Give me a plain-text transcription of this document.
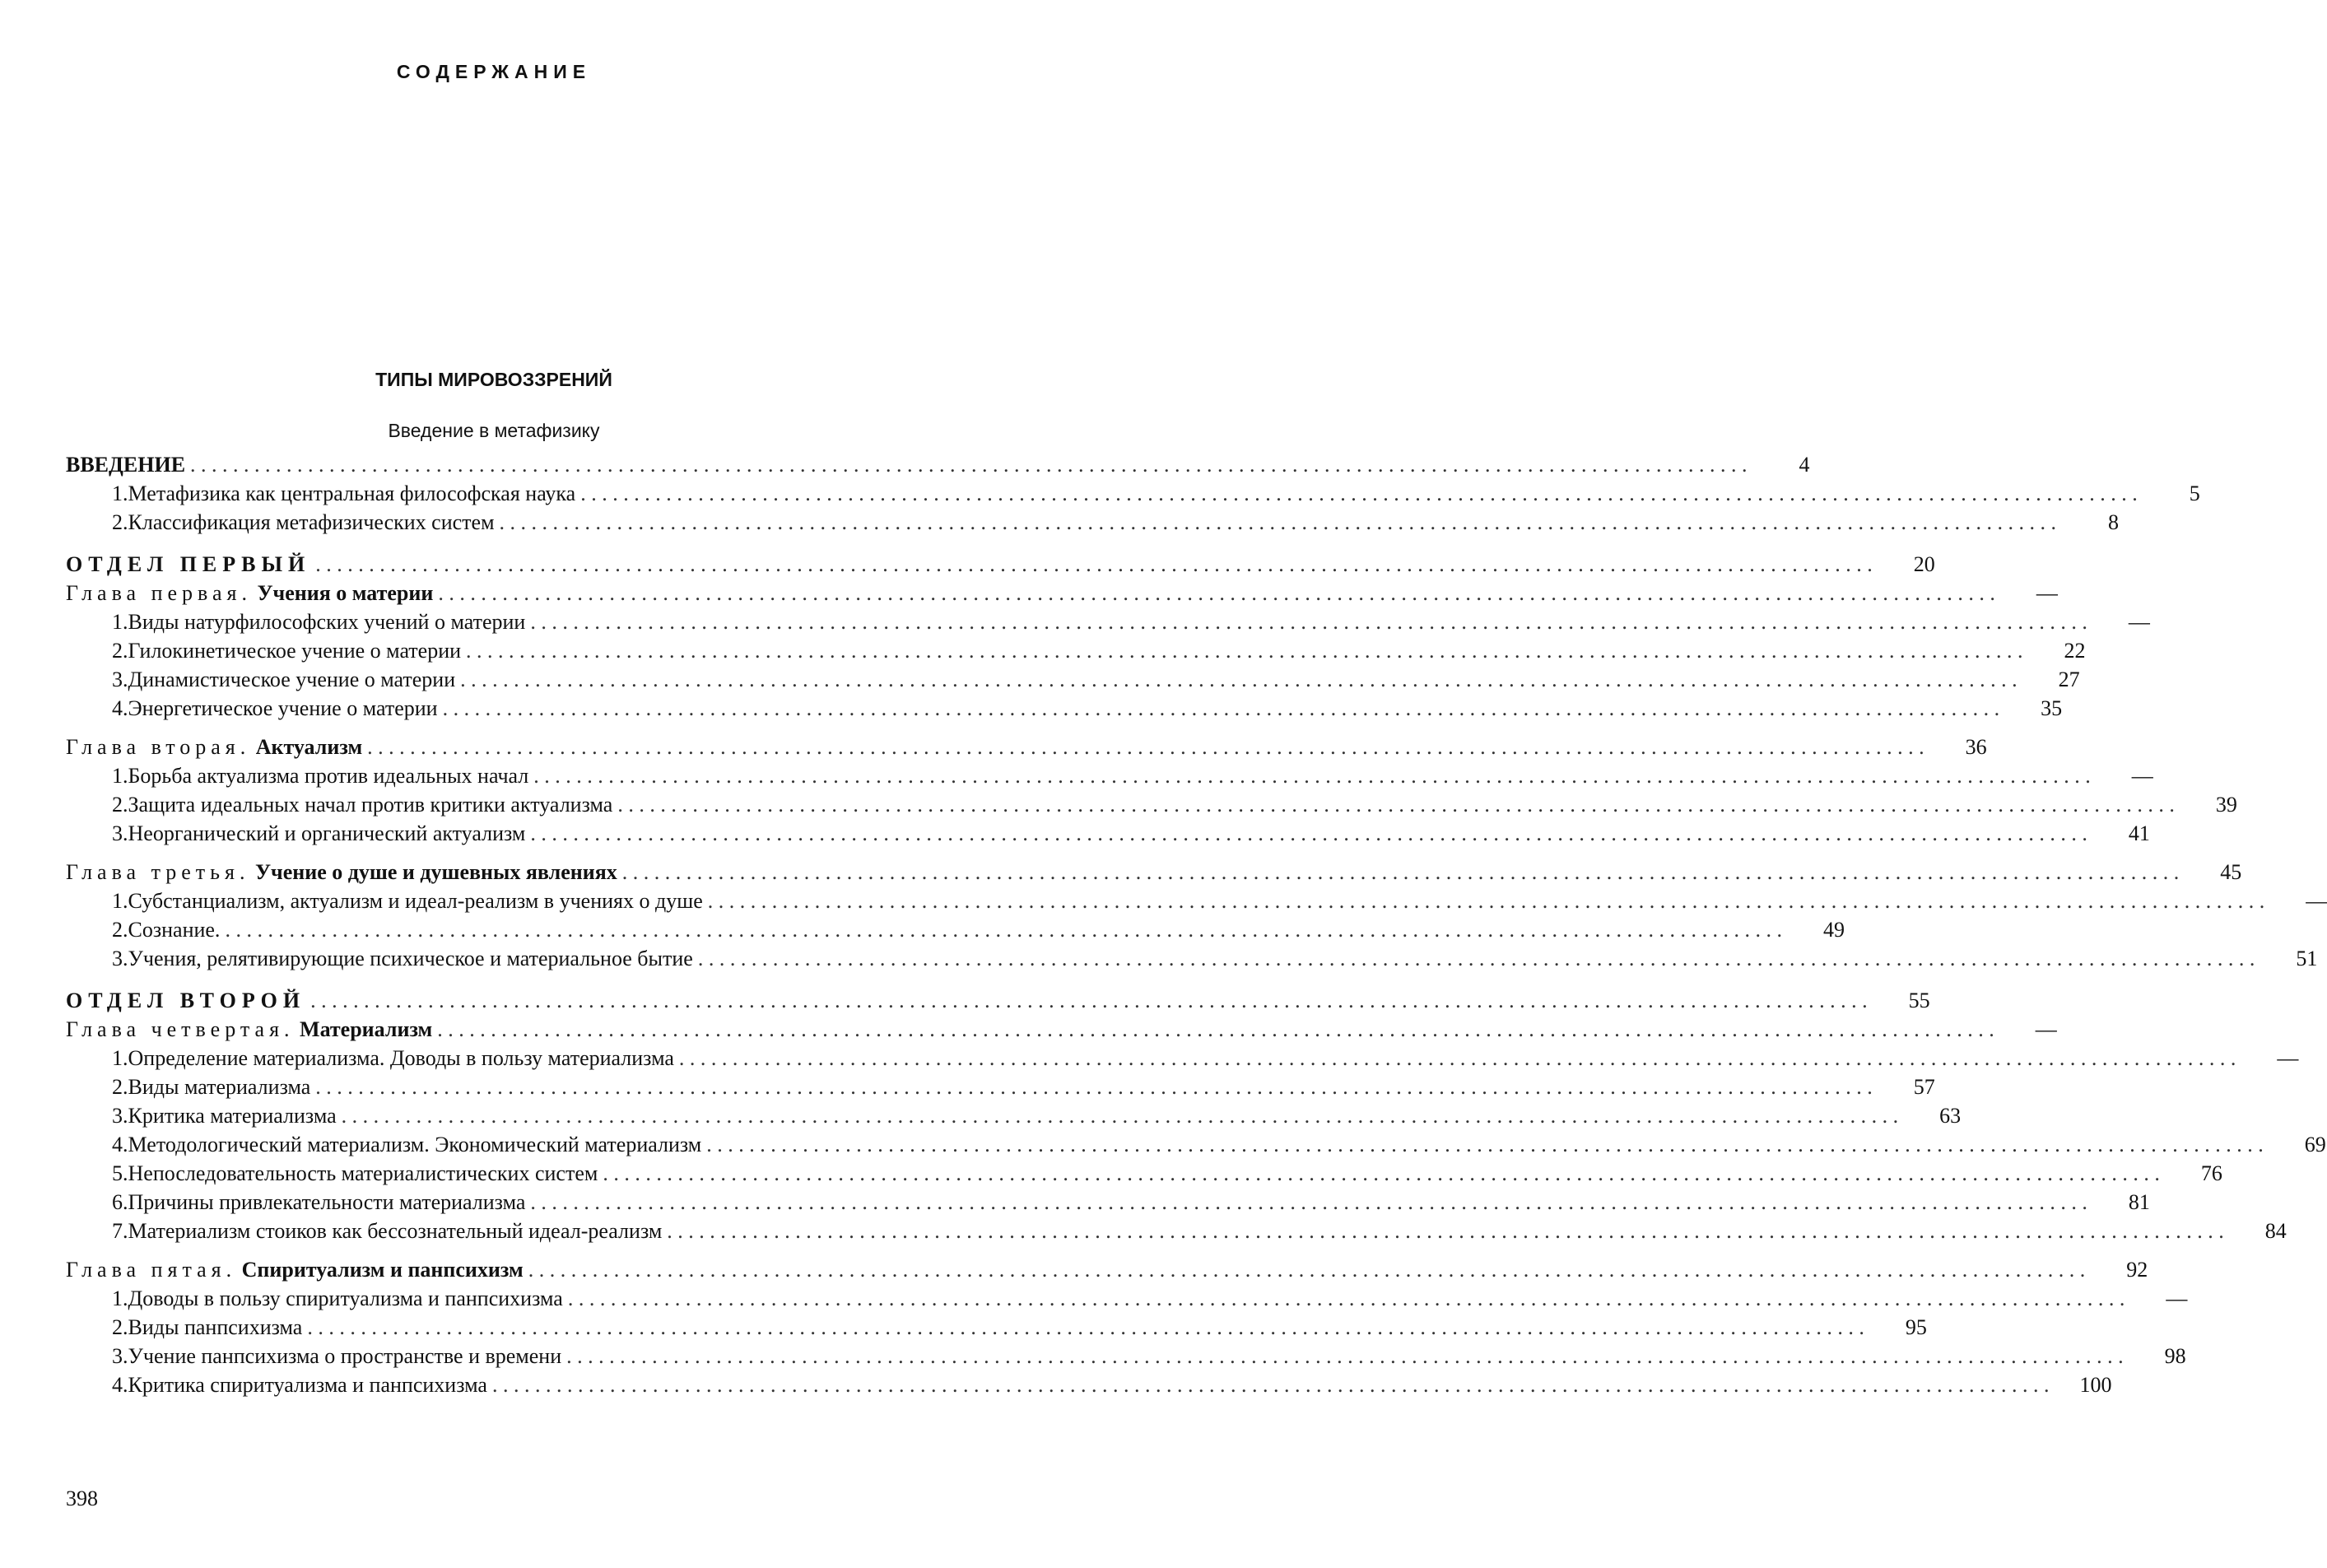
СОДЕРЖАНИЕ
ТИПЫ МИРОВОЗЗРЕНИЙ
Введение в метафизику
ВВЕДЕНИЕ . . .	4
1. Метафизика как центральная философская наука . . .	5
2. Классификация метафизических систем . . .	8
ОТДЕЛ ПЕРВЫЙ . . .	20
Глава первая. Учения о материи . . .	—
1. Виды натурфилософских учений о материи . . .	—
2. Гилокинетическое учение о материи . . .	22
3. Динамистическое учение о материи . . .	27
4. Энергетическое учение о материи . . .	35
Глава вторая. Актуализм . . .	36
1. Борьба актуализма против идеальных начал . . .	—
2. Защита идеальных начал против критики актуализма . . .	39
3. Неорганический и органический актуализм . . .	41
Глава третья. Учение о душе и душевных явлениях . . .	45
1. Субстанциализм, актуализм и идеал-реализм в учениях о душе . . .	—
2. Сознание. . . .	49
3. Учения, релятивирующие психическое и материальное бытие . . .	51
ОТДЕЛ ВТОРОЙ . . .	55
Глава четвертая. Материализм . . .	—
1. Определение материализма. Доводы в пользу материализма . . .	—
2. Виды материализма . . .	57
3. Критика материализма . . .	63
4. Методологический материализм. Экономический материализм . . .	69
5. Непоследовательность материалистических систем . . .	76
6. Причины привлекательности материализма . . .	81
7. Материализм стоиков как бессознательный идеал-реализм . . .	84
Глава пятая. Спиритуализм и панпсихизм . . .	92
1. Доводы в пользу спиритуализма и панпсихизма . . .	—
2. Виды панпсихизма . . .	95
3. Учение панпсихизма о пространстве и времени . . .	98
4. Критика спиритуализма и панпсихизма . . .	100
398
